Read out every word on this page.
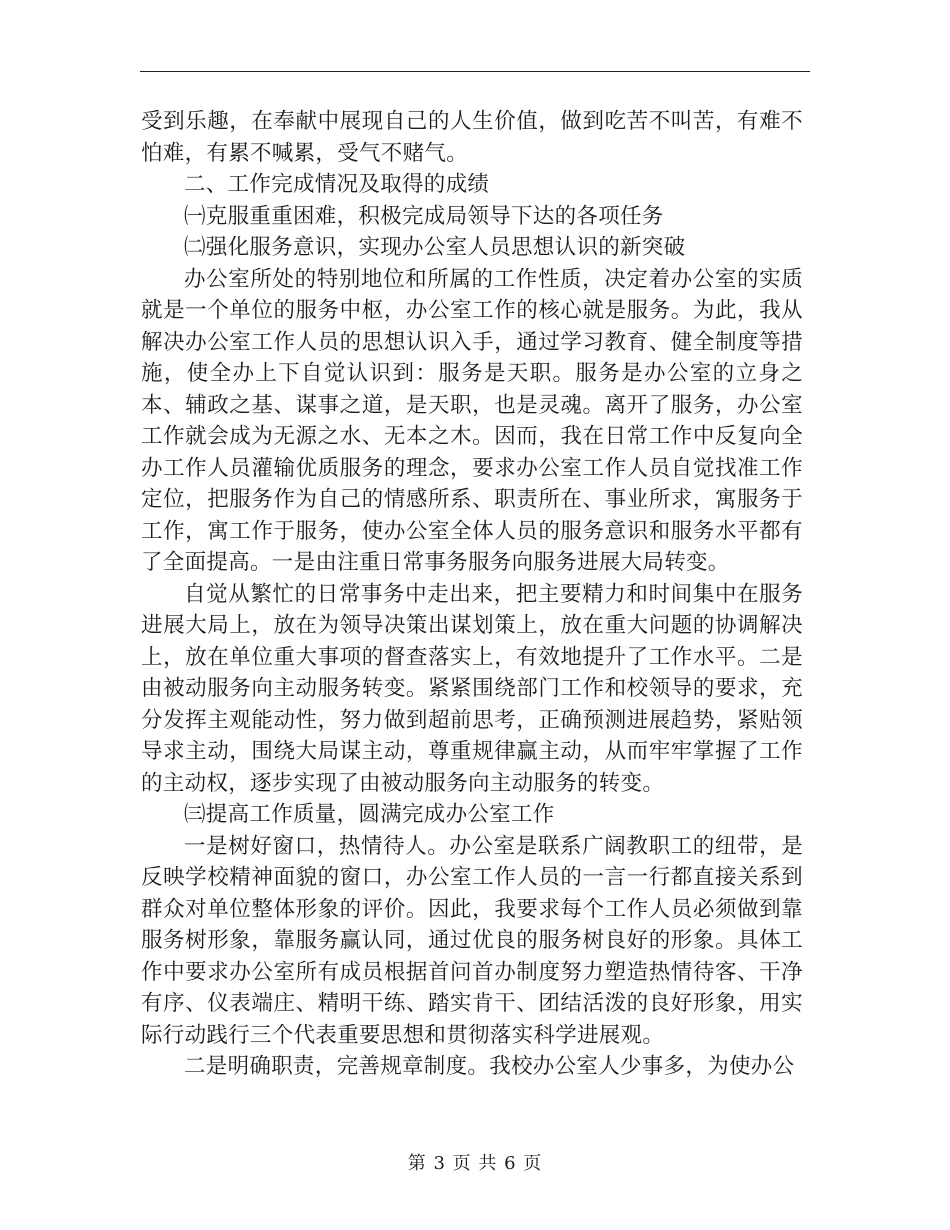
受到乐趣，在奉献中展现自己的人生价值，做到吃苦不叫苦，有难不怕难，有累不喊累，受气不赌气。

二、工作完成情况及取得的成绩

㈠克服重重困难，积极完成局领导下达的各项任务

㈡强化服务意识，实现办公室人员思想认识的新突破

办公室所处的特别地位和所属的工作性质，决定着办公室的实质就是一个单位的服务中枢，办公室工作的核心就是服务。为此，我从解决办公室工作人员的思想认识入手，通过学习教育、健全制度等措施，使全办上下自觉认识到：服务是天职。服务是办公室的立身之本、辅政之基、谋事之道，是天职，也是灵魂。离开了服务，办公室工作就会成为无源之水、无本之木。因而，我在日常工作中反复向全办工作人员灌输优质服务的理念，要求办公室工作人员自觉找准工作定位，把服务作为自己的情感所系、职责所在、事业所求，寓服务于工作，寓工作于服务，使办公室全体人员的服务意识和服务水平都有了全面提高。一是由注重日常事务服务向服务进展大局转变。

自觉从繁忙的日常事务中走出来，把主要精力和时间集中在服务进展大局上，放在为领导决策出谋划策上，放在重大问题的协调解决上，放在单位重大事项的督查落实上，有效地提升了工作水平。二是由被动服务向主动服务转变。紧紧围绕部门工作和校领导的要求，充分发挥主观能动性，努力做到超前思考，正确预测进展趋势，紧贴领导求主动，围绕大局谋主动，尊重规律赢主动，从而牢牢掌握了工作的主动权，逐步实现了由被动服务向主动服务的转变。

㈢提高工作质量，圆满完成办公室工作

一是树好窗口，热情待人。办公室是联系广阔教职工的纽带，是反映学校精神面貌的窗口，办公室工作人员的一言一行都直接关系到群众对单位整体形象的评价。因此，我要求每个工作人员必须做到靠服务树形象，靠服务赢认同，通过优良的服务树良好的形象。具体工作中要求办公室所有成员根据首问首办制度努力塑造热情待客、干净有序、仪表端庄、精明干练、踏实肯干、团结活泼的良好形象，用实际行动践行三个代表重要思想和贯彻落实科学进展观。

二是明确职责，完善规章制度。我校办公室人少事多，为使办公

第 3 页 共 6 页
